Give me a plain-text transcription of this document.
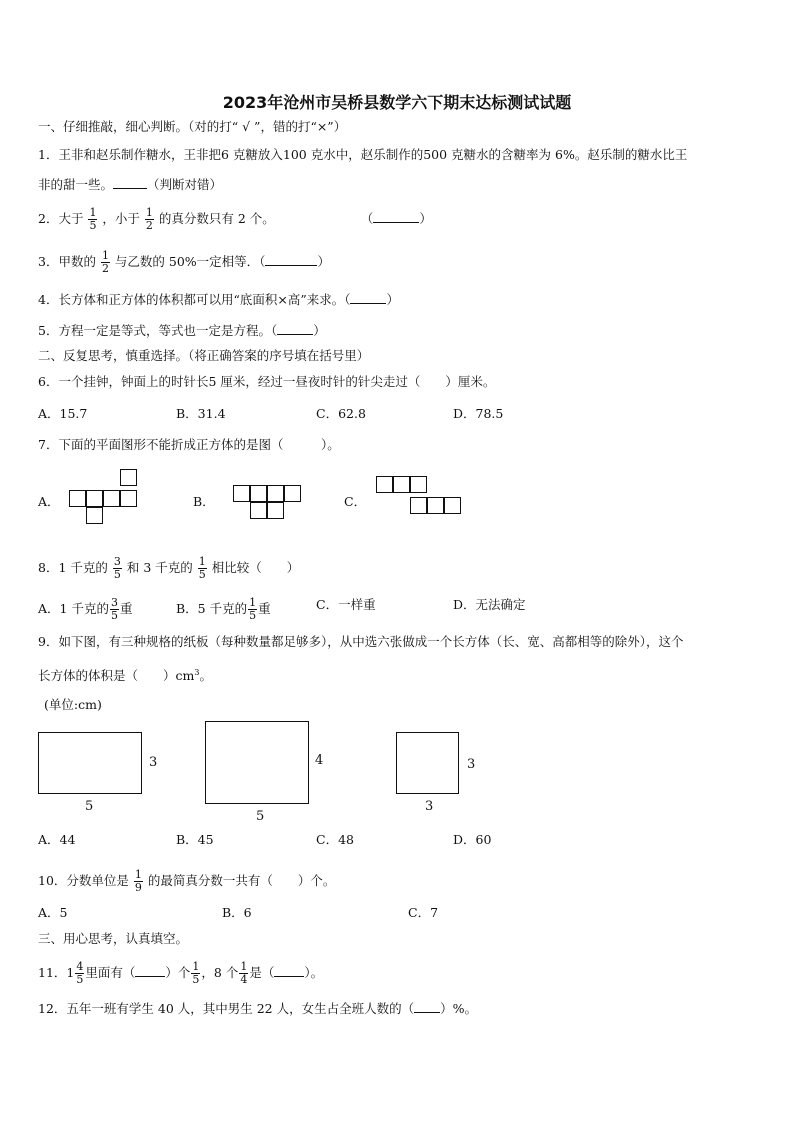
2023年沧州市吴桥县数学六下期末达标测试试题
一、仔细推敲，细心判断。（对的打“ √ ”，错的打“×”）
1．王非和赵乐制作糖水，王非把6 克糖放入100 克水中，赵乐制作的500 克糖水的含糖率为 6%。赵乐制的糖水比王
非的甜一些。	（判断对错）
2．大于 $\frac{1}{5}$ ，小于 $\frac{1}{2}$ 的真分数只有 2 个。	（	）
3．甲数的 $\frac{1}{2}$ 与乙数的 50%一定相等．（	）
4．长方体和正方体的体积都可以用“底面积×高”来求。（	）
5．方程一定是等式，等式也一定是方程。（	）
二、反复思考，慎重选择。（将正确答案的序号填在括号里）
6．一个挂钟，钟面上的时针长5 厘米，经过一昼夜时针的针尖走过（　　）厘米。
A．15.7	B．31.4	C．62.8	D．78.5
7．下面的平面图形不能折成正方体的是图（　　　）。
A．	B．	C．
8．1 千克的 $\frac{3}{5}$ 和 3 千克的 $\frac{1}{5}$ 相比较（　　）
A．1 千克的 $\frac{3}{5}$ 重	B．5 千克的 $\frac{1}{5}$ 重	C．一样重	D．无法确定
9．如下图，有三种规格的纸板（每种数量都足够多），从中选六张做成一个长方体（长、宽、高都相等的除外），这个
长方体的体积是（　　）$cm^3$。
(单位:cm)
3
5
4
5
3
3
A．44	B．45	C．48	D．60
10．分数单位是 $\frac{1}{9}$ 的最简真分数一共有（　　）个。
A．5	B．6	C．7
三、用心思考，认真填空。
11．$1 \frac{4}{5}$ 里面有（ ）个 $\frac{1}{5}$ ，8 个 $\frac{1}{4}$ 是（ ）。
12．五年一班有学生 40 人，其中男生 22 人，女生占全班人数的（ ）%。
